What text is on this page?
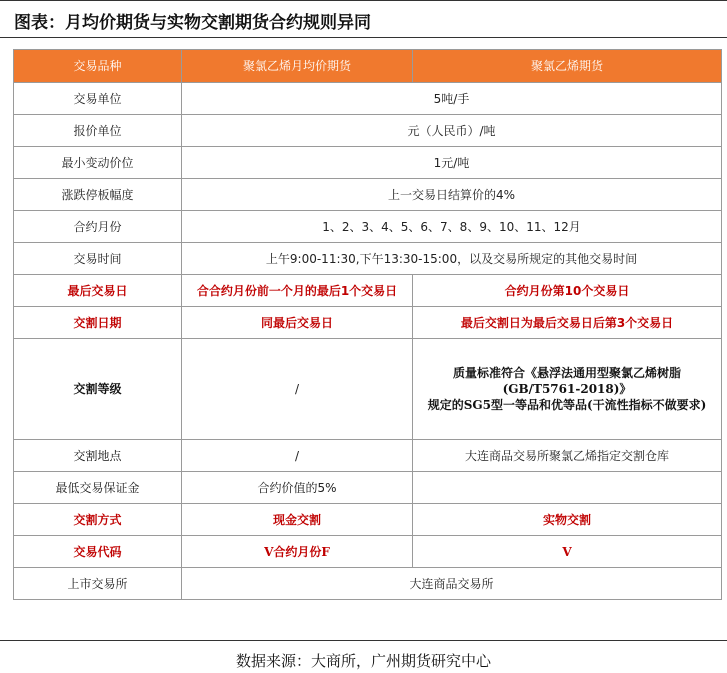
图表：月均价期货与实物交割期货合约规则异同
交易品种	聚氯乙烯月均价期货	聚氯乙烯期货
交易单位	5吨/手	
报价单位	元（人民币）/吨	
最小变动价位	1元/吨	
涨跌停板幅度	上一交易日结算价的4%	
合约月份	1、2、3、4、5、6、7、8、9、10、11、12月	
交易时间	上午9:00-11:30,下午13:30-15:00，以及交易所规定的其他交易时间	
最后交易日	合合约月份前一个月的最后1个交易日	合约月份第10个交易日
交割日期	同最后交易日	最后交割日为最后交易日后第3个交易日
交割等级	/	质量标准符合《悬浮法通用型聚氯乙烯树脂
(GB/T5761-2018)》
规定的SG5型一等品和优等品(干流性指标不做要求)

交割地点	/	大连商品交易所聚氯乙烯指定交割仓库
最低交易保证金	合约价值的5%	
交割方式	现金交割	实物交割
交易代码	V合约月份F	V
上市交易所	大连商品交易所	
数据来源：大商所，广州期货研究中心
